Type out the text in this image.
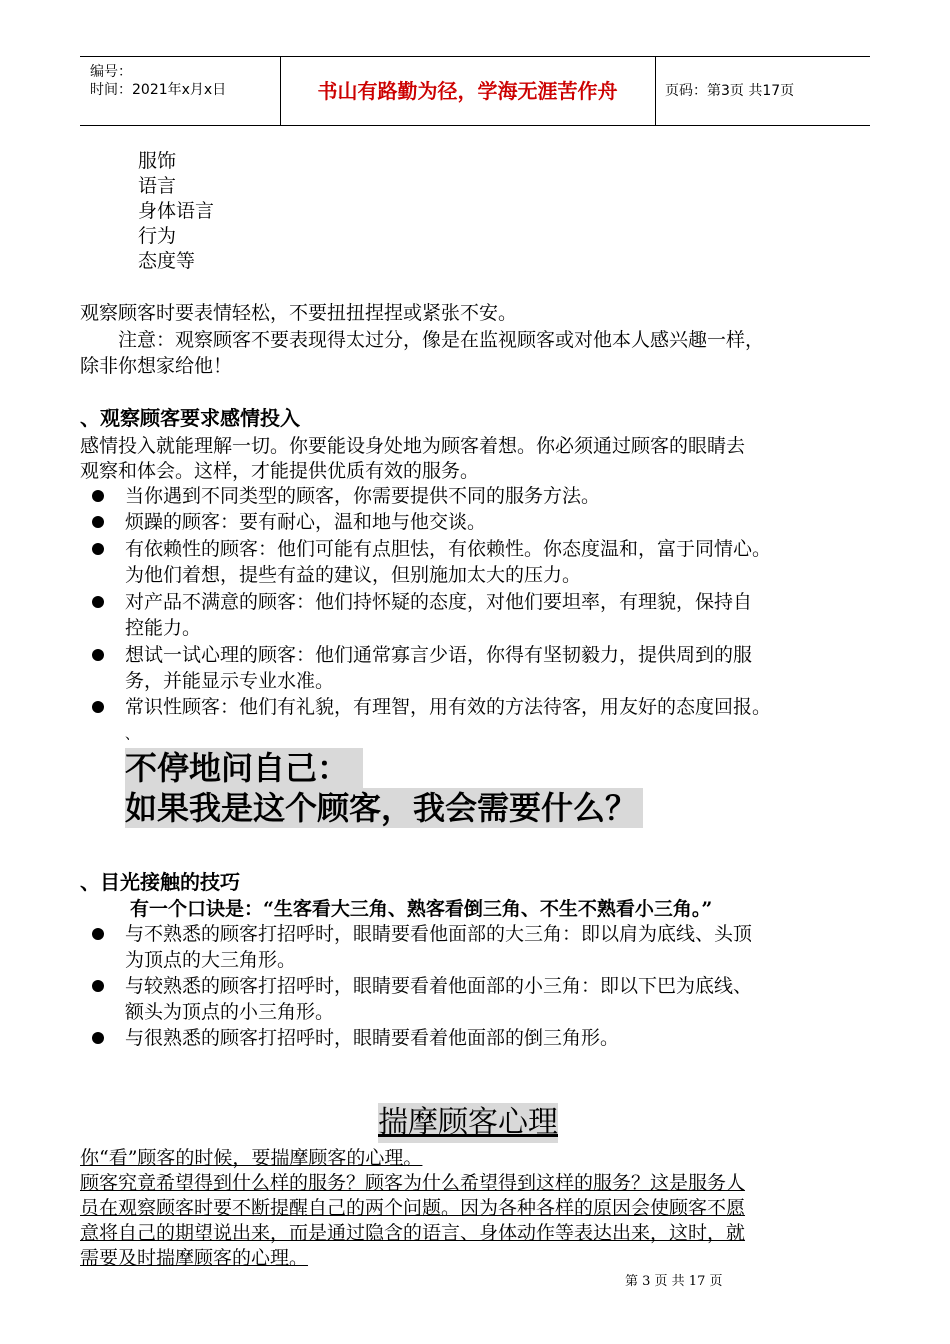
编号：
时间：2021年x月x日	书山有路勤为径，学海无涯苦作舟	页码：第3页 共17页
服饰
语言
身体语言
行为
态度等
观察顾客时要表情轻松，不要扭扭捏捏或紧张不安。
注意：观察顾客不要表现得太过分，像是在监视顾客或对他本人感兴趣一样，
除非你想家给他！
、观察顾客要求感情投入
感情投入就能理解一切。你要能设身处地为顾客着想。你必须通过顾客的眼睛去
观察和体会。这样，才能提供优质有效的服务。
当你遇到不同类型的顾客，你需要提供不同的服务方法。
烦躁的顾客：要有耐心，温和地与他交谈。
有依赖性的顾客：他们可能有点胆怯，有依赖性。你态度温和，富于同情心。
为他们着想，提些有益的建议，但别施加太大的压力。
对产品不满意的顾客：他们持怀疑的态度，对他们要坦率，有理貌，保持自
控能力。
想试一试心理的顾客：他们通常寡言少语，你得有坚韧毅力，提供周到的服
务，并能显示专业水准。
常识性顾客：他们有礼貌，有理智，用有效的方法待客，用友好的态度回报。
、
不停地问自己：
如果我是这个顾客，我会需要什么？
、目光接触的技巧
有一个口诀是：“生客看大三角、熟客看倒三角、不生不熟看小三角。”
与不熟悉的顾客打招呼时，眼睛要看他面部的大三角：即以肩为底线、头顶
为顶点的大三角形。
与较熟悉的顾客打招呼时，眼睛要看着他面部的小三角：即以下巴为底线、
额头为顶点的小三角形。
与很熟悉的顾客打招呼时，眼睛要看着他面部的倒三角形。
揣摩顾客心理
你“看”顾客的时候，要揣摩顾客的心理。
顾客究竟希望得到什么样的服务？顾客为什么希望得到这样的服务？这是服务人
员在观察顾客时要不断提醒自己的两个问题。因为各种各样的原因会使顾客不愿
意将自己的期望说出来，而是通过隐含的语言、身体动作等表达出来，这时，就
需要及时揣摩顾客的心理。
第 3 页 共 17 页
